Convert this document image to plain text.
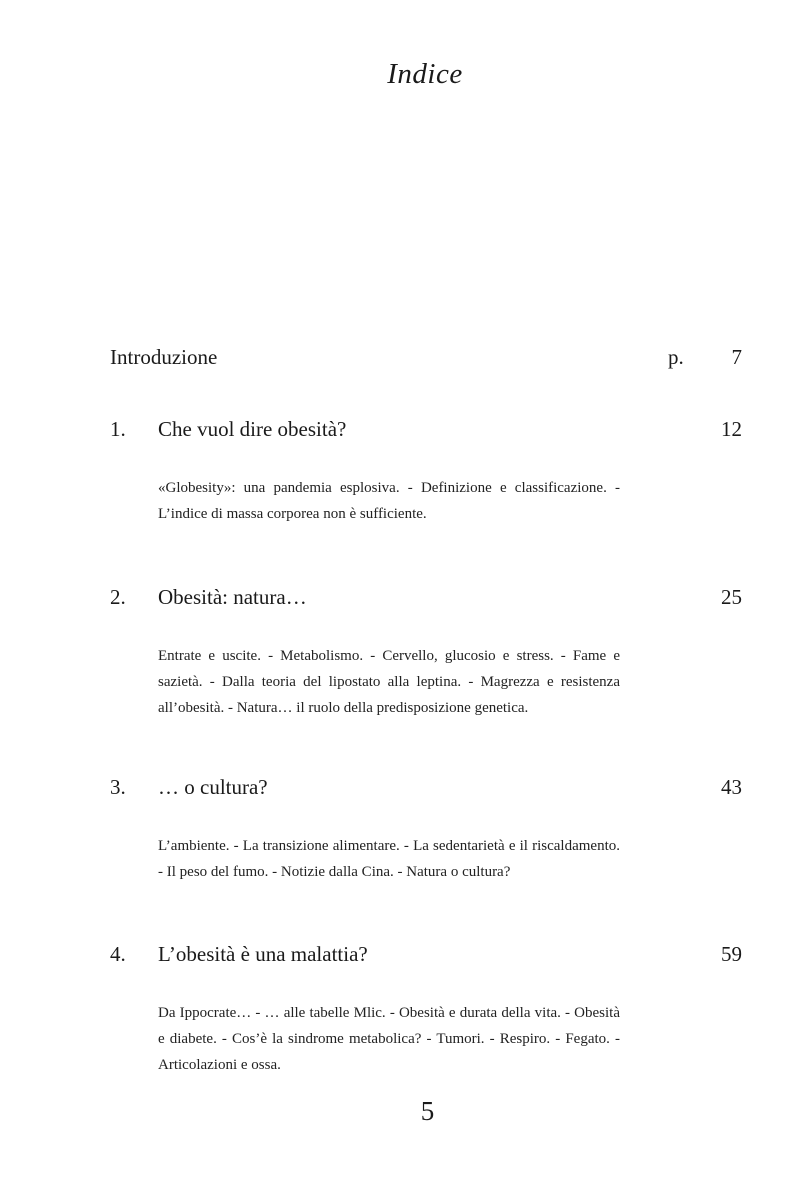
Indice
Introduzione	p. 7
1. Che vuol dire obesità?	12
«Globesity»: una pandemia esplosiva. - Definizione e classificazione. - L’indice di massa corporea non è sufficiente.
2. Obesità: natura…	25
Entrate e uscite. - Metabolismo. - Cervello, glucosio e stress. - Fame e sazietà. - Dalla teoria del lipostato alla leptina. - Magrezza e resistenza all’obesità. - Natura… il ruolo della predisposizione genetica.
3. … o cultura?	43
L’ambiente. - La transizione alimentare. - La sedentarietà e il riscaldamento. - Il peso del fumo. - Notizie dalla Cina. - Natura o cultura?
4. L’obesità è una malattia?	59
Da Ippocrate… - … alle tabelle Mlic. - Obesità e durata della vita. - Obesità e diabete. - Cos’è la sindrome metabolica? - Tumori. - Respiro. - Fegato. - Articolazioni e ossa.
5
